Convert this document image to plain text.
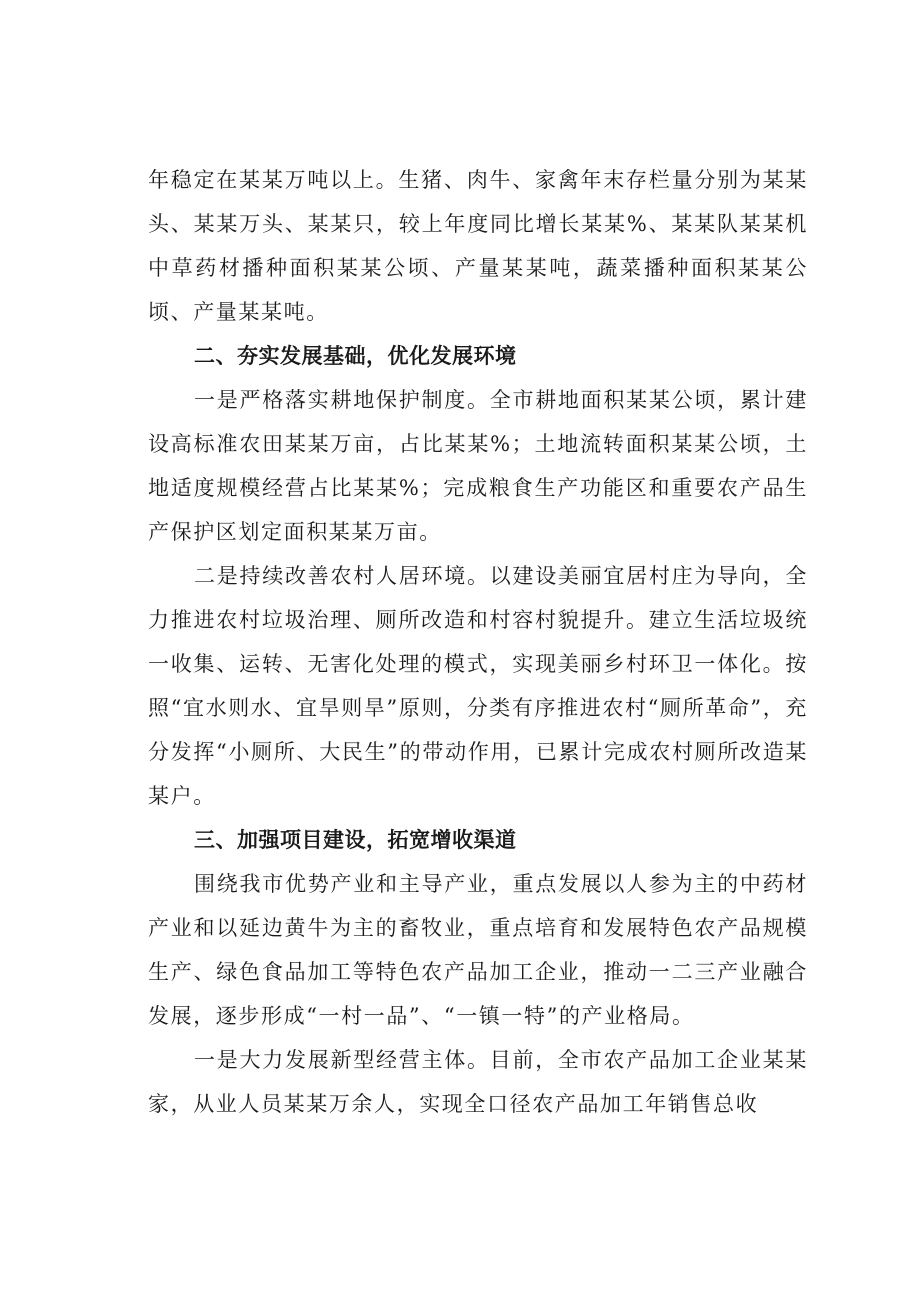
年稳定在某某万吨以上。生猪、肉牛、家禽年末存栏量分别为某某头、某某万头、某某只，较上年度同比增长某某%、某某队某某机中草药材播种面积某某公顷、产量某某吨，蔬菜播种面积某某公顷、产量某某吨。

二、夯实发展基础，优化发展环境

一是严格落实耕地保护制度。全市耕地面积某某公顷，累计建设高标准农田某某万亩，占比某某%；土地流转面积某某公顷，土地适度规模经营占比某某%；完成粮食生产功能区和重要农产品生产保护区划定面积某某万亩。

二是持续改善农村人居环境。以建设美丽宜居村庄为导向，全力推进农村垃圾治理、厕所改造和村容村貌提升。建立生活垃圾统一收集、运转、无害化处理的模式，实现美丽乡村环卫一体化。按照“宜水则水、宜旱则旱”原则，分类有序推进农村“厕所革命”，充分发挥“小厕所、大民生”的带动作用，已累计完成农村厕所改造某某户。

三、加强项目建设，拓宽增收渠道

围绕我市优势产业和主导产业，重点发展以人参为主的中药材产业和以延边黄牛为主的畜牧业，重点培育和发展特色农产品规模生产、绿色食品加工等特色农产品加工企业，推动一二三产业融合发展，逐步形成“一村一品”、“一镇一特”的产业格局。

一是大力发展新型经营主体。目前，全市农产品加工企业某某家，从业人员某某万余人，实现全口径农产品加工年销售总收
